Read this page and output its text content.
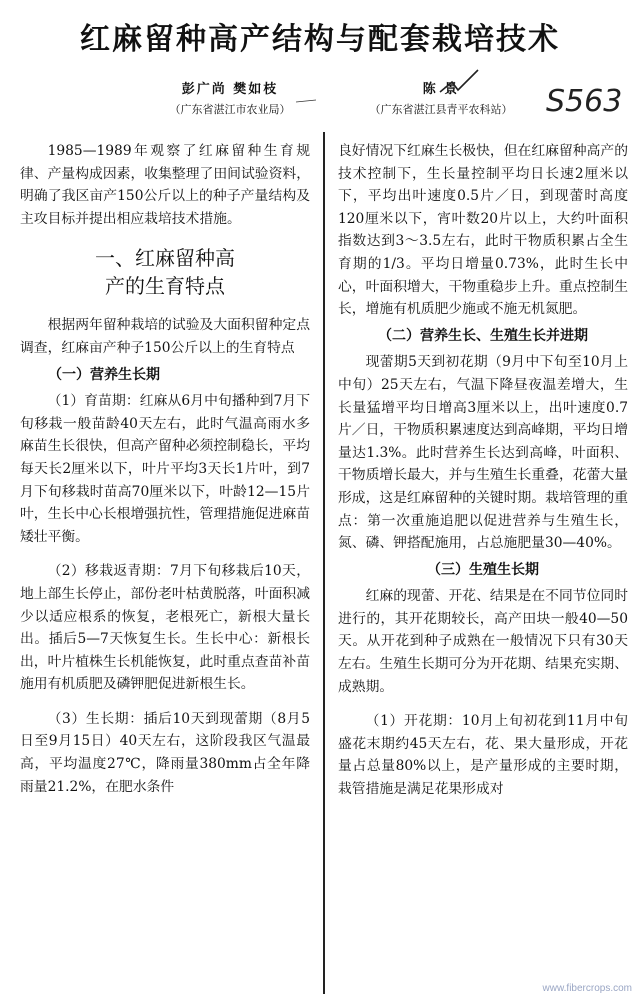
红麻留种高产结构与配套栽培技术
彭广尚 樊如枝
（广东省湛江市农业局）
陈 景
（广东省湛江县青平农科站）	S563

1985—1989年观察了红麻留种生育规律、产量构成因素，收集整理了田间试验资料，明确了我区亩产150公斤以上的种子产量结构及主攻目标并提出相应栽培技术措施。

一、红麻留种高
产的生育特点

根据两年留种栽培的试验及大面积留种定点调查，红麻亩产种子150公斤以上的生育特点

（一）营养生长期

（1）育苗期：红麻从6月中旬播种到7月下旬移栽一般苗龄40天左右，此时气温高雨水多麻苗生长很快，但高产留种必须控制稳长，平均每天长2厘米以下，叶片平均3天长1片叶，到7月下旬移栽时苗高70厘米以下，叶龄12—15片叶，生长中心长根增强抗性，管理措施促进麻苗矮壮平衡。

（2）移栽返青期：7月下旬移栽后10天，地上部生长停止，部份老叶枯黄脱落，叶面积减少以适应根系的恢复，老根死亡，新根大量长出。插后5—7天恢复生长。生长中心：新根长出，叶片植株生长机能恢复，此时重点查苗补苗施用有机质肥及磷钾肥促进新根生长。

（3）生长期：插后10天到现蕾期（8月5日至9月15日）40天左右，这阶段我区气温最高，平均温度27℃，降雨量380mm占全年降雨量21.2%，在肥水条件

良好情况下红麻生长极快，但在红麻留种高产的技术控制下，生长量控制平均日长速2厘米以下，平均出叶速度0.5片／日，到现蕾时高度120厘米以下，宵叶数20片以上，大约叶面积指数达到3～3.5左右，此时干物质积累占全生育期的1/3。平均日增量0.73%，此时生长中心，叶面积增大，干物重稳步上升。重点控制生长，增施有机质肥少施或不施无机氮肥。

（二）营养生长、生殖生长并进期

现蕾期5天到初花期（9月中下旬至10月上中旬）25天左右，气温下降昼夜温差增大，生长量猛增平均日增高3厘米以上，出叶速度0.7片／日，干物质积累速度达到高峰期，平均日增量达1.3%。此时营养生长达到高峰，叶面积、干物质增长最大，并与生殖生长重叠，花蕾大量形成，这是红麻留种的关键时期。栽培管理的重点：第一次重施追肥以促进营养与生殖生长，氮、磷、钾搭配施用，占总施肥量30—40%。

（三）生殖生长期

红麻的现蕾、开花、结果是在不同节位同时进行的，其开花期较长，高产田块一般40—50天。从开花到种子成熟在一般情况下只有30天左右。生殖生长期可分为开花期、结果充实期、成熟期。

（1）开花期：10月上旬初花到11月中旬盛花末期约45天左右，花、果大量形成，开花量占总量80%以上，是产量形成的主要时期，栽管措施是满足花果形成对

www.fibercrops.com
